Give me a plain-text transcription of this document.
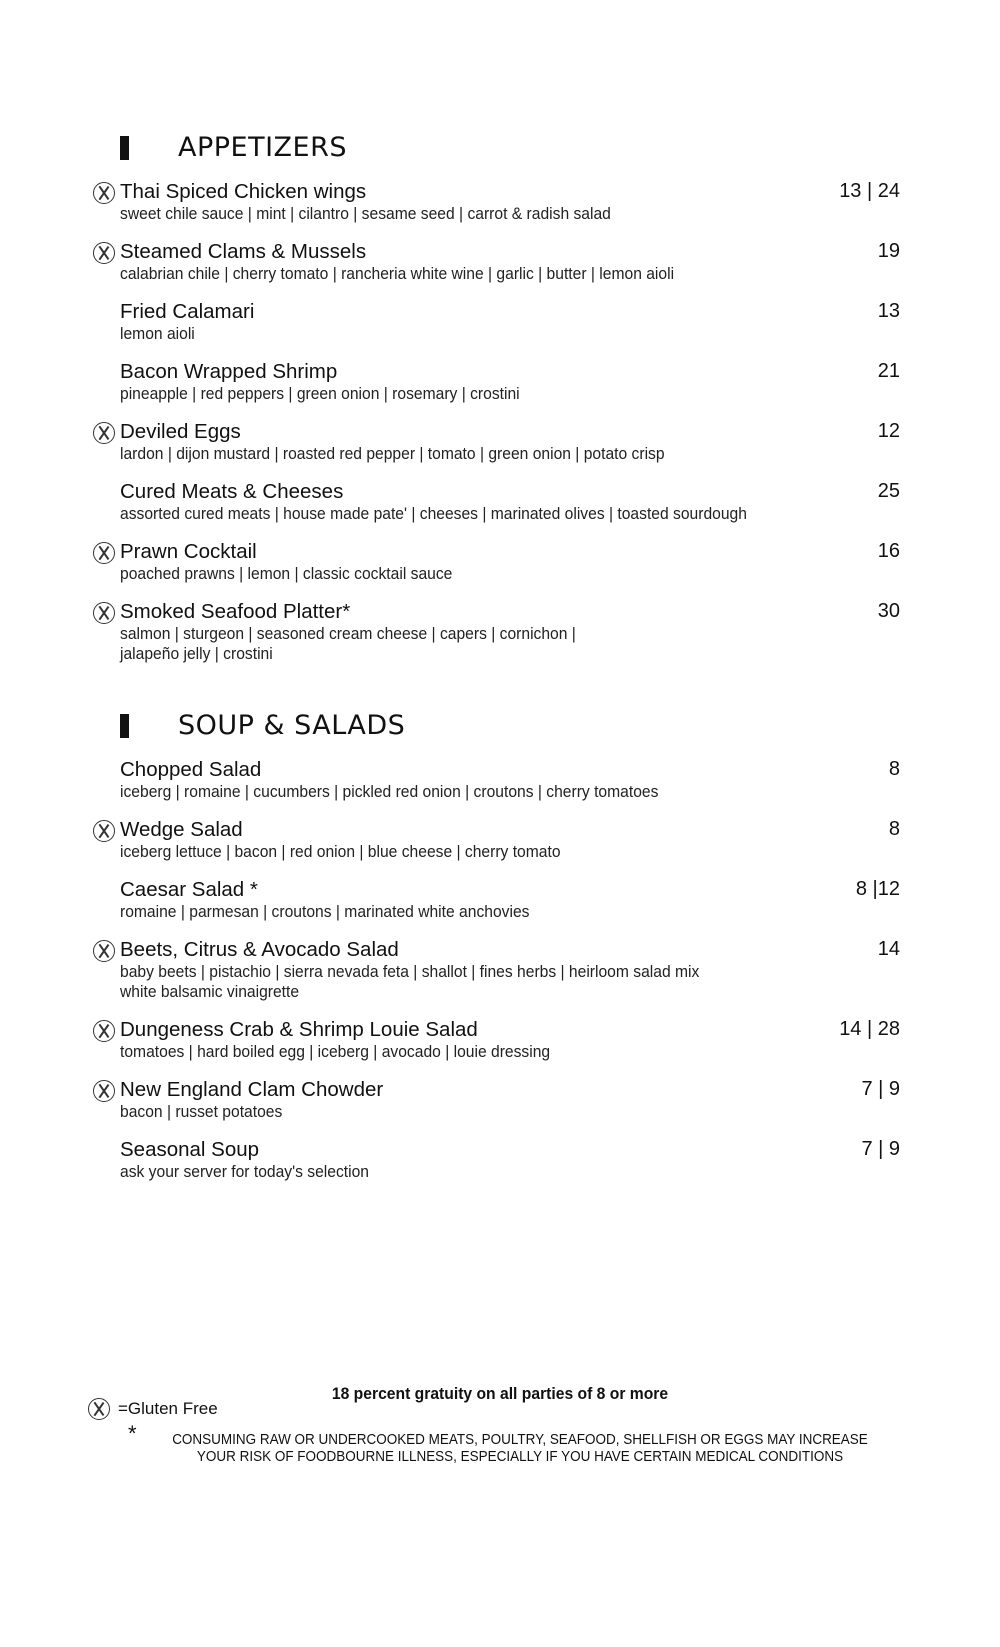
APPETIZERS
Thai Spiced Chicken wings
sweet chile sauce | mint | cilantro | sesame seed | carrot & radish salad
13 | 24
Steamed Clams & Mussels
calabrian chile | cherry tomato | rancheria white wine | garlic | butter | lemon aioli
19
Fried Calamari
lemon aioli
13
Bacon Wrapped Shrimp
pineapple | red peppers | green onion | rosemary | crostini
21
Deviled Eggs
lardon | dijon mustard | roasted red pepper | tomato | green onion | potato crisp
12
Cured Meats & Cheeses
assorted cured meats | house made pate' | cheeses | marinated olives | toasted sourdough
25
Prawn Cocktail
poached prawns | lemon | classic cocktail sauce
16
Smoked Seafood Platter*
salmon | sturgeon | seasoned cream cheese | capers | cornichon |
jalapeño jelly | crostini
30
SOUP & SALADS
Chopped Salad
iceberg | romaine | cucumbers | pickled red onion | croutons | cherry tomatoes
8
Wedge Salad
iceberg lettuce | bacon | red onion | blue cheese | cherry tomato
8
Caesar Salad *
romaine | parmesan | croutons | marinated white anchovies
8 |12
Beets, Citrus & Avocado Salad
baby beets | pistachio | sierra nevada feta | shallot | fines herbs | heirloom salad mix
white balsamic vinaigrette
14
Dungeness Crab & Shrimp Louie Salad
tomatoes | hard boiled egg | iceberg | avocado | louie dressing
14 | 28
New England Clam Chowder
bacon | russet potatoes
7 | 9
Seasonal Soup
ask your server for today's selection
7 | 9
18 percent gratuity on all parties of 8 or more
=Gluten Free
*	CONSUMING RAW OR UNDERCOOKED MEATS, POULTRY, SEAFOOD, SHELLFISH OR EGGS MAY INCREASE YOUR RISK OF FOODBOURNE ILLNESS, ESPECIALLY IF YOU HAVE CERTAIN MEDICAL CONDITIONS
